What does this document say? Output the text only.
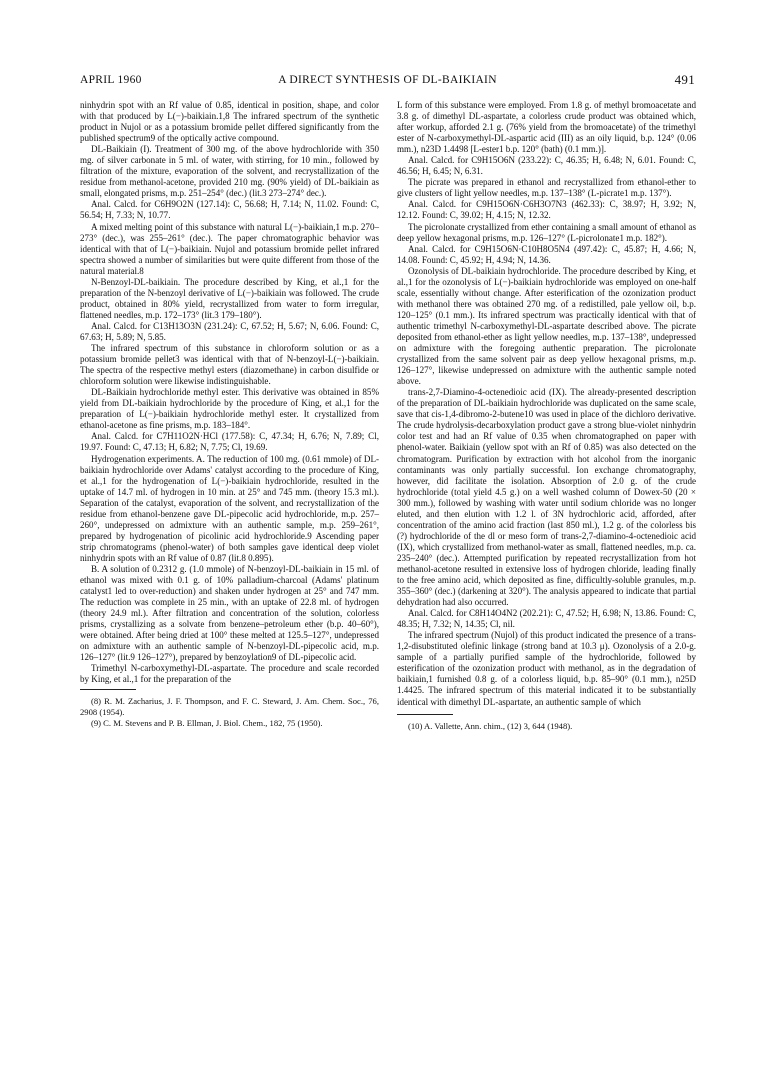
APRIL 1960	A DIRECT SYNTHESIS OF DL-BAIKIAIN	491

ninhydrin spot with an Rf value of 0.85, identical in position, shape, and color with that produced by L(−)-baikiain.1,8 The infrared spectrum of the synthetic product in Nujol or as a potassium bromide pellet differed significantly from the published spectrum9 of the optically active compound.

DL-Baikiain (I). Treatment of 300 mg. of the above hydrochloride with 350 mg. of silver carbonate in 5 ml. of water, with stirring, for 10 min., followed by filtration of the mixture, evaporation of the solvent, and recrystallization of the residue from methanol-acetone, provided 210 mg. (90% yield) of DL-baikiain as small, elongated prisms, m.p. 251–254° (dec.) (lit.3 273–274° dec.).

Anal. Calcd. for C6H9O2N (127.14): C, 56.68; H, 7.14; N, 11.02. Found: C, 56.54; H, 7.33; N, 10.77.

A mixed melting point of this substance with natural L(−)-baikiain,1 m.p. 270–273° (dec.), was 255–261° (dec.). The paper chromatographic behavior was identical with that of L(−)-baikiain. Nujol and potassium bromide pellet infrared spectra showed a number of similarities but were quite different from those of the natural material.8

N-Benzoyl-DL-baikiain. The procedure described by King, et al.,1 for the preparation of the N-benzoyl derivative of L(−)-baikiain was followed. The crude product, obtained in 80% yield, recrystallized from water to form irregular, flattened needles, m.p. 172–173° (lit.3 179–180°).

Anal. Calcd. for C13H13O3N (231.24): C, 67.52; H, 5.67; N, 6.06. Found: C, 67.63; H, 5.89; N, 5.85.

The infrared spectrum of this substance in chloroform solution or as a potassium bromide pellet3 was identical with that of N-benzoyl-L(−)-baikiain. The spectra of the respective methyl esters (diazomethane) in carbon disulfide or chloroform solution were likewise indistinguishable.

DL-Baikiain hydrochloride methyl ester. This derivative was obtained in 85% yield from DL-baikiain hydrochloride by the procedure of King, et al.,1 for the preparation of L(−)-baikiain hydrochloride methyl ester. It crystallized from ethanol-acetone as fine prisms, m.p. 183–184°.

Anal. Calcd. for C7H11O2N·HCl (177.58): C, 47.34; H, 6.76; N, 7.89; Cl, 19.97. Found: C, 47.13; H, 6.82; N, 7.75; Cl, 19.69.

Hydrogenation experiments. A. The reduction of 100 mg. (0.61 mmole) of DL-baikiain hydrochloride over Adams' catalyst according to the procedure of King, et al.,1 for the hydrogenation of L(−)-baikiain hydrochloride, resulted in the uptake of 14.7 ml. of hydrogen in 10 min. at 25° and 745 mm. (theory 15.3 ml.). Separation of the catalyst, evaporation of the solvent, and recrystallization of the residue from ethanol-benzene gave DL-pipecolic acid hydrochloride, m.p. 257–260°, undepressed on admixture with an authentic sample, m.p. 259–261°, prepared by hydrogenation of picolinic acid hydrochloride.9 Ascending paper strip chromatograms (phenol-water) of both samples gave identical deep violet ninhydrin spots with an Rf value of 0.87 (lit.8 0.895).

B. A solution of 0.2312 g. (1.0 mmole) of N-benzoyl-DL-baikiain in 15 ml. of ethanol was mixed with 0.1 g. of 10% palladium-charcoal (Adams' platinum catalyst1 led to over-reduction) and shaken under hydrogen at 25° and 747 mm. The reduction was complete in 25 min., with an uptake of 22.8 ml. of hydrogen (theory 24.9 ml.). After filtration and concentration of the solution, colorless prisms, crystallizing as a solvate from benzene–petroleum ether (b.p. 40–60°), were obtained. After being dried at 100° these melted at 125.5–127°, undepressed on admixture with an authentic sample of N-benzoyl-DL-pipecolic acid, m.p. 126–127° (lit.9 126–127°), prepared by benzoylation9 of DL-pipecolic acid.

Trimethyl N-carboxymethyl-DL-aspartate. The procedure and scale recorded by King, et al.,1 for the preparation of the

(8) R. M. Zacharius, J. F. Thompson, and F. C. Steward, J. Am. Chem. Soc., 76, 2908 (1954).

(9) C. M. Stevens and P. B. Ellman, J. Biol. Chem., 182, 75 (1950).

L form of this substance were employed. From 1.8 g. of methyl bromoacetate and 3.8 g. of dimethyl DL-aspartate, a colorless crude product was obtained which, after workup, afforded 2.1 g. (76% yield from the bromoacetate) of the trimethyl ester of N-carboxymethyl-DL-aspartic acid (III) as an oily liquid, b.p. 124° (0.06 mm.), n23D 1.4498 [L-ester1 b.p. 120° (bath) (0.1 mm.)].

Anal. Calcd. for C9H15O6N (233.22): C, 46.35; H, 6.48; N, 6.01. Found: C, 46.56; H, 6.45; N, 6.31.

The picrate was prepared in ethanol and recrystallized from ethanol-ether to give clusters of light yellow needles, m.p. 137–138° (L-picrate1 m.p. 137°).

Anal. Calcd. for C9H15O6N·C6H3O7N3 (462.33): C, 38.97; H, 3.92; N, 12.12. Found: C, 39.02; H, 4.15; N, 12.32.

The picrolonate crystallized from ether containing a small amount of ethanol as deep yellow hexagonal prisms, m.p. 126–127° (L-picrolonate1 m.p. 182°).

Anal. Calcd. for C9H15O6N·C10H8O5N4 (497.42): C, 45.87; H, 4.66; N, 14.08. Found: C, 45.92; H, 4.94; N, 14.36.

Ozonolysis of DL-baikiain hydrochloride. The procedure described by King, et al.,1 for the ozonolysis of L(−)-baikiain hydrochloride was employed on one-half scale, essentially without change. After esterification of the ozonization product with methanol there was obtained 270 mg. of a redistilled, pale yellow oil, b.p. 120–125° (0.1 mm.). Its infrared spectrum was practically identical with that of authentic trimethyl N-carboxymethyl-DL-aspartate described above. The picrate deposited from ethanol-ether as light yellow needles, m.p. 137–138°, undepressed on admixture with the foregoing authentic preparation. The picrolonate crystallized from the same solvent pair as deep yellow hexagonal prisms, m.p. 126–127°, likewise undepressed on admixture with the authentic sample noted above.

trans-2,7-Diamino-4-octenedioic acid (IX). The already-presented description of the preparation of DL-baikiain hydrochloride was duplicated on the same scale, save that cis-1,4-dibromo-2-butene10 was used in place of the dichloro derivative. The crude hydrolysis-decarboxylation product gave a strong blue-violet ninhydrin color test and had an Rf value of 0.35 when chromatographed on paper with phenol-water. Baikiain (yellow spot with an Rf of 0.85) was also detected on the chromatogram. Purification by extraction with hot alcohol from the inorganic contaminants was only partially successful. Ion exchange chromatography, however, did facilitate the isolation. Absorption of 2.0 g. of the crude hydrochloride (total yield 4.5 g.) on a well washed column of Dowex-50 (20 × 300 mm.), followed by washing with water until sodium chloride was no longer eluted, and then elution with 1.2 l. of 3N hydrochloric acid, afforded, after concentration of the amino acid fraction (last 850 ml.), 1.2 g. of the colorless bis (?) hydrochloride of the dl or meso form of trans-2,7-diamino-4-octenedioic acid (IX), which crystallized from methanol-water as small, flattened needles, m.p. ca. 235–240° (dec.). Attempted purification by repeated recrystallization from hot methanol-acetone resulted in extensive loss of hydrogen chloride, leading finally to the free amino acid, which deposited as fine, difficultly-soluble granules, m.p. 355–360° (dec.) (darkening at 320°). The analysis appeared to indicate that partial dehydration had also occurred.

Anal. Calcd. for C8H14O4N2 (202.21): C, 47.52; H, 6.98; N, 13.86. Found: C, 48.35; H, 7.32; N, 14.35; Cl, nil.

The infrared spectrum (Nujol) of this product indicated the presence of a trans-1,2-disubstituted olefinic linkage (strong band at 10.3 μ). Ozonolysis of a 2.0-g. sample of a partially purified sample of the hydrochloride, followed by esterification of the ozonization product with methanol, as in the degradation of baikiain,1 furnished 0.8 g. of a colorless liquid, b.p. 85–90° (0.1 mm.), n25D 1.4425. The infrared spectrum of this material indicated it to be substantially identical with dimethyl DL-aspartate, an authentic sample of which

(10) A. Vallette, Ann. chim., (12) 3, 644 (1948).
